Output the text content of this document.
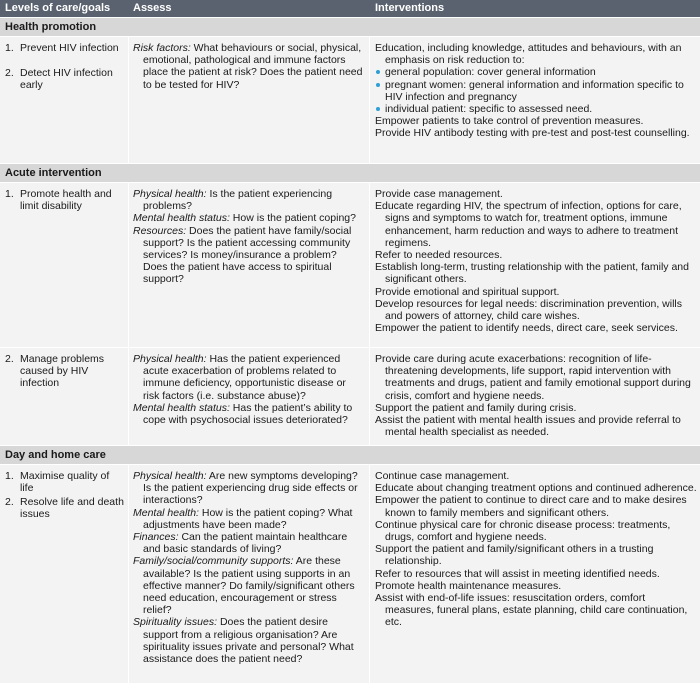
Levels of care/goals Assess	Interventions
Health promotion
1. Prevent HIV infection
2. Detect HIV infection early
Risk factors: What behaviours or social, physical, emotional, pathological and immune factors place the patient at risk? Does the patient need to be tested for HIV?
Education, including knowledge, attitudes and behaviours, with an emphasis on risk reduction to:
general population: cover general information
pregnant women: general information and information specific to HIV infection and pregnancy
individual patient: specific to assessed need.
Empower patients to take control of prevention measures.
Provide HIV antibody testing with pre-test and post-test counselling.
Acute intervention
1. Promote health and limit disability
Physical health: Is the patient experiencing problems?
Mental health status: How is the patient coping?
Resources: Does the patient have family/social support? Is the patient accessing community services? Is money/insurance a problem? Does the patient have access to spiritual support?
Provide case management.
Educate regarding HIV, the spectrum of infection, options for care, signs and symptoms to watch for, treatment options, immune enhancement, harm reduction and ways to adhere to treatment regimens.
Refer to needed resources.
Establish long-term, trusting relationship with the patient, family and significant others.
Provide emotional and spiritual support.
Develop resources for legal needs: discrimination prevention, wills and powers of attorney, child care wishes.
Empower the patient to identify needs, direct care, seek services.
2. Manage problems caused by HIV infection
Physical health: Has the patient experienced acute exacerbation of problems related to immune deficiency, opportunistic disease or risk factors (i.e. substance abuse)?
Mental health status: Has the patient’s ability to cope with psychosocial issues deteriorated?
Provide care during acute exacerbations: recognition of life-threatening developments, life support, rapid intervention with treatments and drugs, patient and family emotional support during crisis, comfort and hygiene needs.
Support the patient and family during crisis.
Assist the patient with mental health issues and provide referral to mental health specialist as needed.
Day and home care
1. Maximise quality of life
2. Resolve life and death issues
Physical health: Are new symptoms developing? Is the patient experiencing drug side effects or interactions?
Mental health: How is the patient coping? What adjustments have been made?
Finances: Can the patient maintain healthcare and basic standards of living?
Family/social/community supports: Are these available? Is the patient using supports in an effective manner? Do family/significant others need education, encouragement or stress relief?
Spirituality issues: Does the patient desire support from a religious organisation? Are spirituality issues private and personal? What assistance does the patient need?
Continue case management.
Educate about changing treatment options and continued adherence.
Empower the patient to continue to direct care and to make desires known to family members and significant others.
Continue physical care for chronic disease process: treatments, drugs, comfort and hygiene needs.
Support the patient and family/significant others in a trusting relationship.
Refer to resources that will assist in meeting identified needs.
Promote health maintenance measures.
Assist with end-of-life issues: resuscitation orders, comfort measures, funeral plans, estate planning, child care continuation, etc.
